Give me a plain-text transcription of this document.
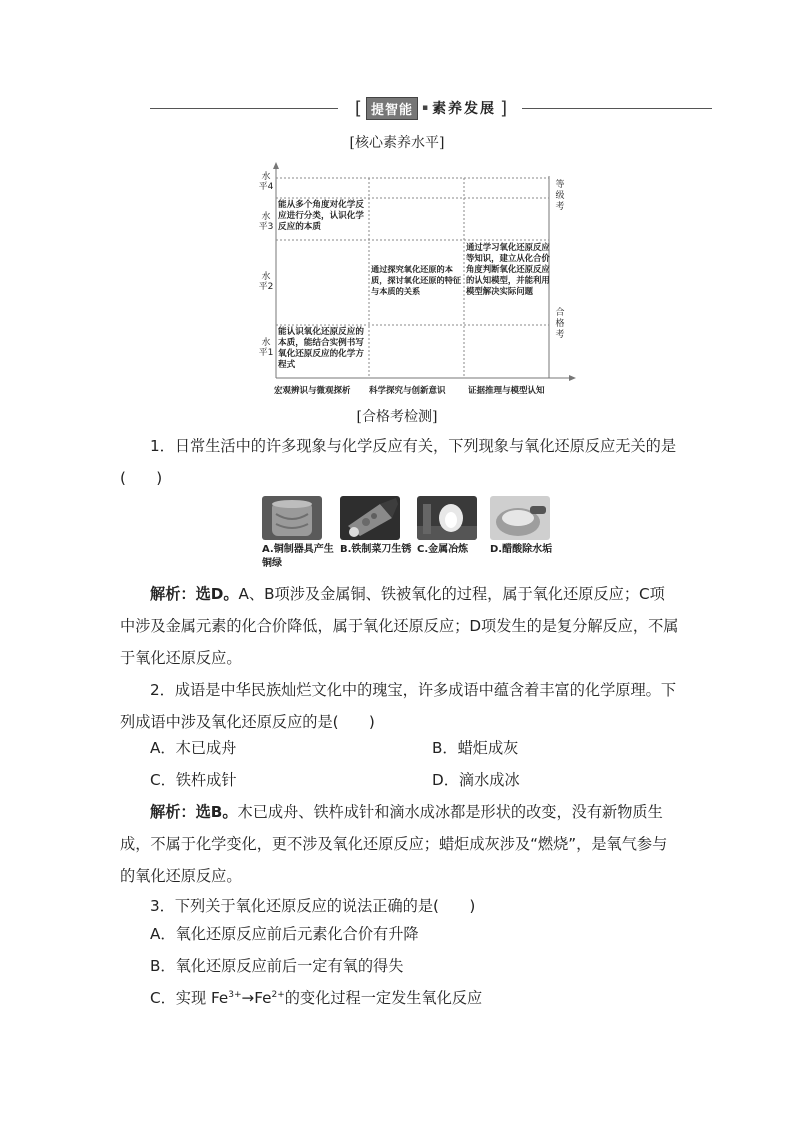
[ 提智能	▪ 素养发展 ]
[核心素养水平]
水平4
水平3
水平2
水平1
等级考
合格考
能从多个角度对化学反应进行分类，认识化学反应的本质
通过探究氧化还原的本质，探讨氧化还原的特征与本质的关系
通过学习氧化还原反应等知识，建立从化合价角度判断氧化还原反应的认知模型，并能利用模型解决实际问题
能认识氧化还原反应的本质，能结合实例书写氧化还原反应的化学方程式
宏观辨识与微观探析 科学探究与创新意识	证据推理与模型认知
[合格考检测]
1．日常生活中的许多现象与化学反应有关，下列现象与氧化还原反应无关的是(　　)
A.铜制器具产生铜绿
B.铁制菜刀生锈 C.金属冶炼	D.醋酸除水垢
解析：选D。A、B项涉及金属铜、铁被氧化的过程，属于氧化还原反应；C项中涉及金属元素的化合价降低，属于氧化还原反应；D项发生的是复分解反应，不属于氧化还原反应。
2．成语是中华民族灿烂文化中的瑰宝，许多成语中蕴含着丰富的化学原理。下列成语中涉及氧化还原反应的是(　　)
A．木已成舟	B．蜡炬成灰
C．铁杵成针	D．滴水成冰
解析：选B。木已成舟、铁杵成针和滴水成冰都是形状的改变，没有新物质生成，不属于化学变化，更不涉及氧化还原反应；蜡炬成灰涉及“燃烧”，是氧气参与的氧化还原反应。
3．下列关于氧化还原反应的说法正确的是(　　)
A．氧化还原反应前后元素化合价有升降
B．氧化还原反应前后一定有氧的得失
C．实现 $Fe^{3+}\to Fe^{2+}$的变化过程一定发生氧化反应
